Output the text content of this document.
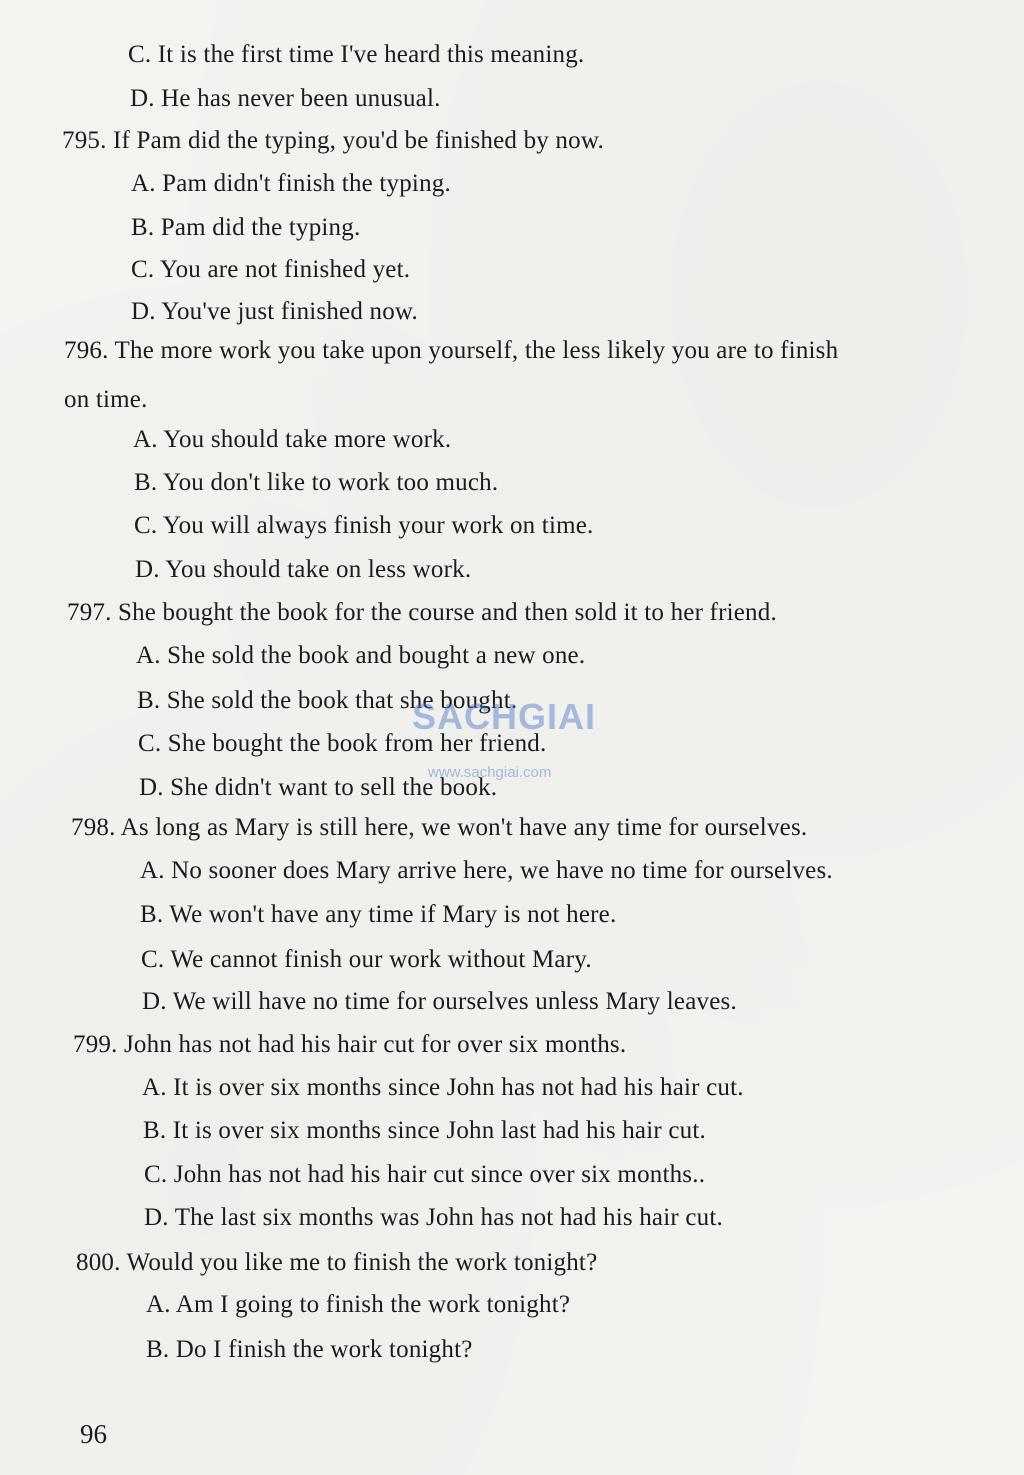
C. It is the first time I've heard this meaning.
D. He has never been unusual.
795. If Pam did the typing, you'd be finished by now.
A. Pam didn't finish the typing.
B. Pam did the typing.
C. You are not finished yet.
D. You've just finished now.
796. The more work you take upon yourself, the less likely you are to finish
on time.
A. You should take more work.
B. You don't like to work too much.
C. You will always finish your work on time.
D. You should take on less work.
797. She bought the book for the course and then sold it to her friend.
A. She sold the book and bought a new one.
B. She sold the book that she bought.
C. She bought the book from her friend.
D. She didn't want to sell the book.
798. As long as Mary is still here, we won't have any time for ourselves.
A. No sooner does Mary arrive here, we have no time for ourselves.
B. We won't have any time if Mary is not here.
C. We cannot finish our work without Mary.
D. We will have no time for ourselves unless Mary leaves.
799. John has not had his hair cut for over six months.
A. It is over six months since John has not had his hair cut.
B. It is over six months since John last had his hair cut.
C. John has not had his hair cut since over six months..
D. The last six months was John has not had his hair cut.
800. Would you like me to finish the work tonight?
A. Am I going to finish the work tonight?
B. Do I finish the work tonight?
SACHGIAI
www.sachgiai.com
96
